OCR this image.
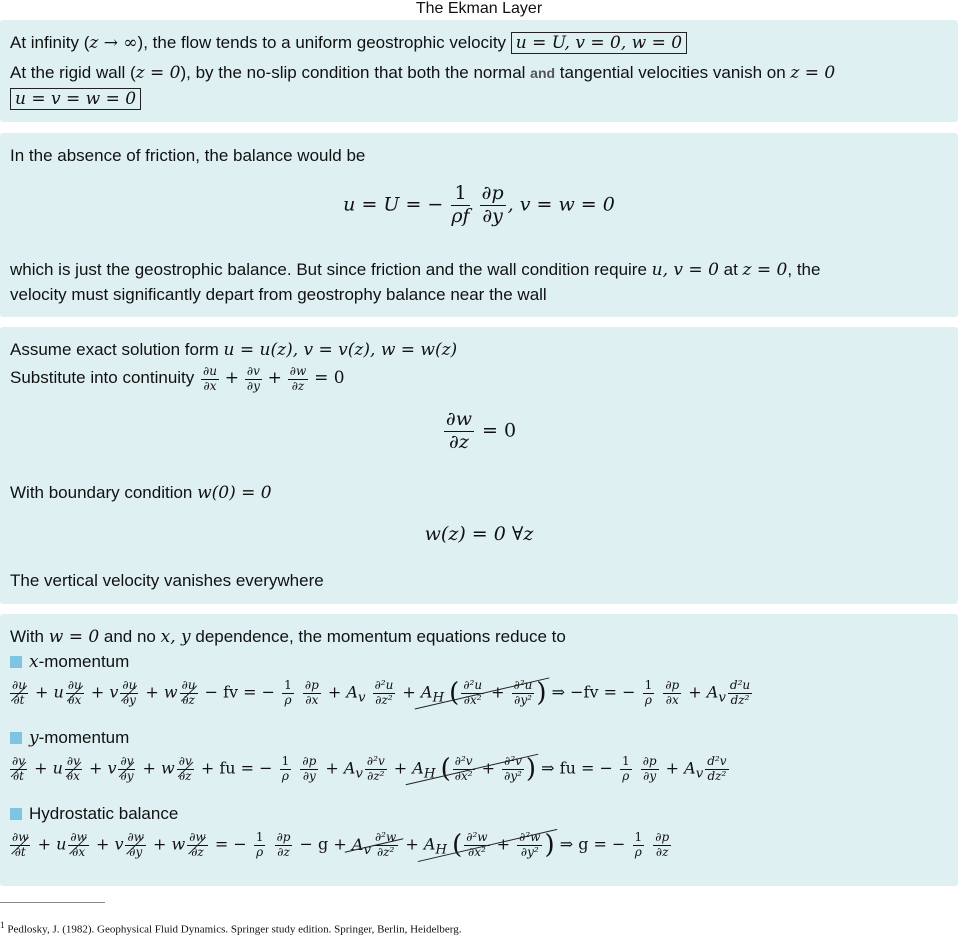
The Ekman Layer
At infinity (z → ∞), the flow tends to a uniform geostrophic velocity u = U, v = 0, w = 0
At the rigid wall (z = 0), by the no-slip condition that both the normal and tangential velocities vanish on z = 0
u = v = w = 0
In the absence of friction, the balance would be
u = U = − $\frac{1}{\rho f}$
$\frac{\partial p}{\partial y}$ , v = w = 0
which is just the geostrophic balance. But since friction and the wall condition require u, v = 0 at z = 0, the
velocity must significantly depart from geostrophy balance near the wall
Assume exact solution form u = u(z), v = v(z), w = w(z)
Substitute into continuity $\frac{\partial u}{\partial x} + \frac{\partial v}{\partial y} + \frac{\partial w}{\partial z} = 0$
$\frac{\partial w}{\partial z} = 0$
With boundary condition w(0) = 0
w(z) = 0 ∀z
The vertical velocity vanishes everywhere
With w = 0 and no x, y dependence, the momentum equations reduce to
x-momentum
$\frac{\partial u}{\partial t} + u \frac{\partial u}{\partial x} + v \frac{\partial u}{\partial y} + w \frac{\partial u}{\partial z}$ − fv = − $\frac{1}{\rho}$
$\frac{\partial p}{\partial x} + A_v \frac{\text{∂²u}}{\text{∂z²}} + A_H$ ( $\frac{\text{∂²u}}{\text{∂x²}} + \frac{\text{∂²u}}{\text{∂y²}}$ ) ⇒ −fv = − $\frac{1}{\rho}$
$\frac{\partial p}{\partial x} + A_v \frac{\text{d²u}}{\text{dz²}}$
y-momentum
$\frac{\partial v}{\partial t} + u \frac{\partial v}{\partial x} + v \frac{\partial v}{\partial y} + w \frac{\partial v}{\partial z}$ + fu = − $\frac{1}{\rho}$
$\frac{\partial p}{\partial y} + A_v \frac{\text{∂²v}}{\text{∂z²}} + A_H$ ( $\frac{\text{∂²v}}{\text{∂x²}} + \frac{\text{∂²v}}{\text{∂y²}}$ ) ⇒ fu = − $\frac{1}{\rho}$
$\frac{\partial p}{\partial y} + A_v \frac{\text{d²v}}{\text{dz²}}$
Hydrostatic balance
$\frac{\partial w}{\partial t} + u \frac{\partial w}{\partial x} + v \frac{\partial w}{\partial y} + w \frac{\partial w}{\partial z}$ = − $\frac{1}{\rho}$
$\frac{\partial p}{\partial z} - g + A_v \frac{\text{∂²w}}{\text{∂z²}} + A_H$ ( $\frac{\text{∂²w}}{\text{∂x²}} + \frac{\text{∂²w}}{\text{∂y²}}$ ) ⇒ g = − $\frac{1}{\rho}$
$\frac{\partial p}{\partial z}$
$^1$ Pedlosky, J. (1982). Geophysical Fluid Dynamics. Springer study edition. Springer, Berlin, Heidelberg.
